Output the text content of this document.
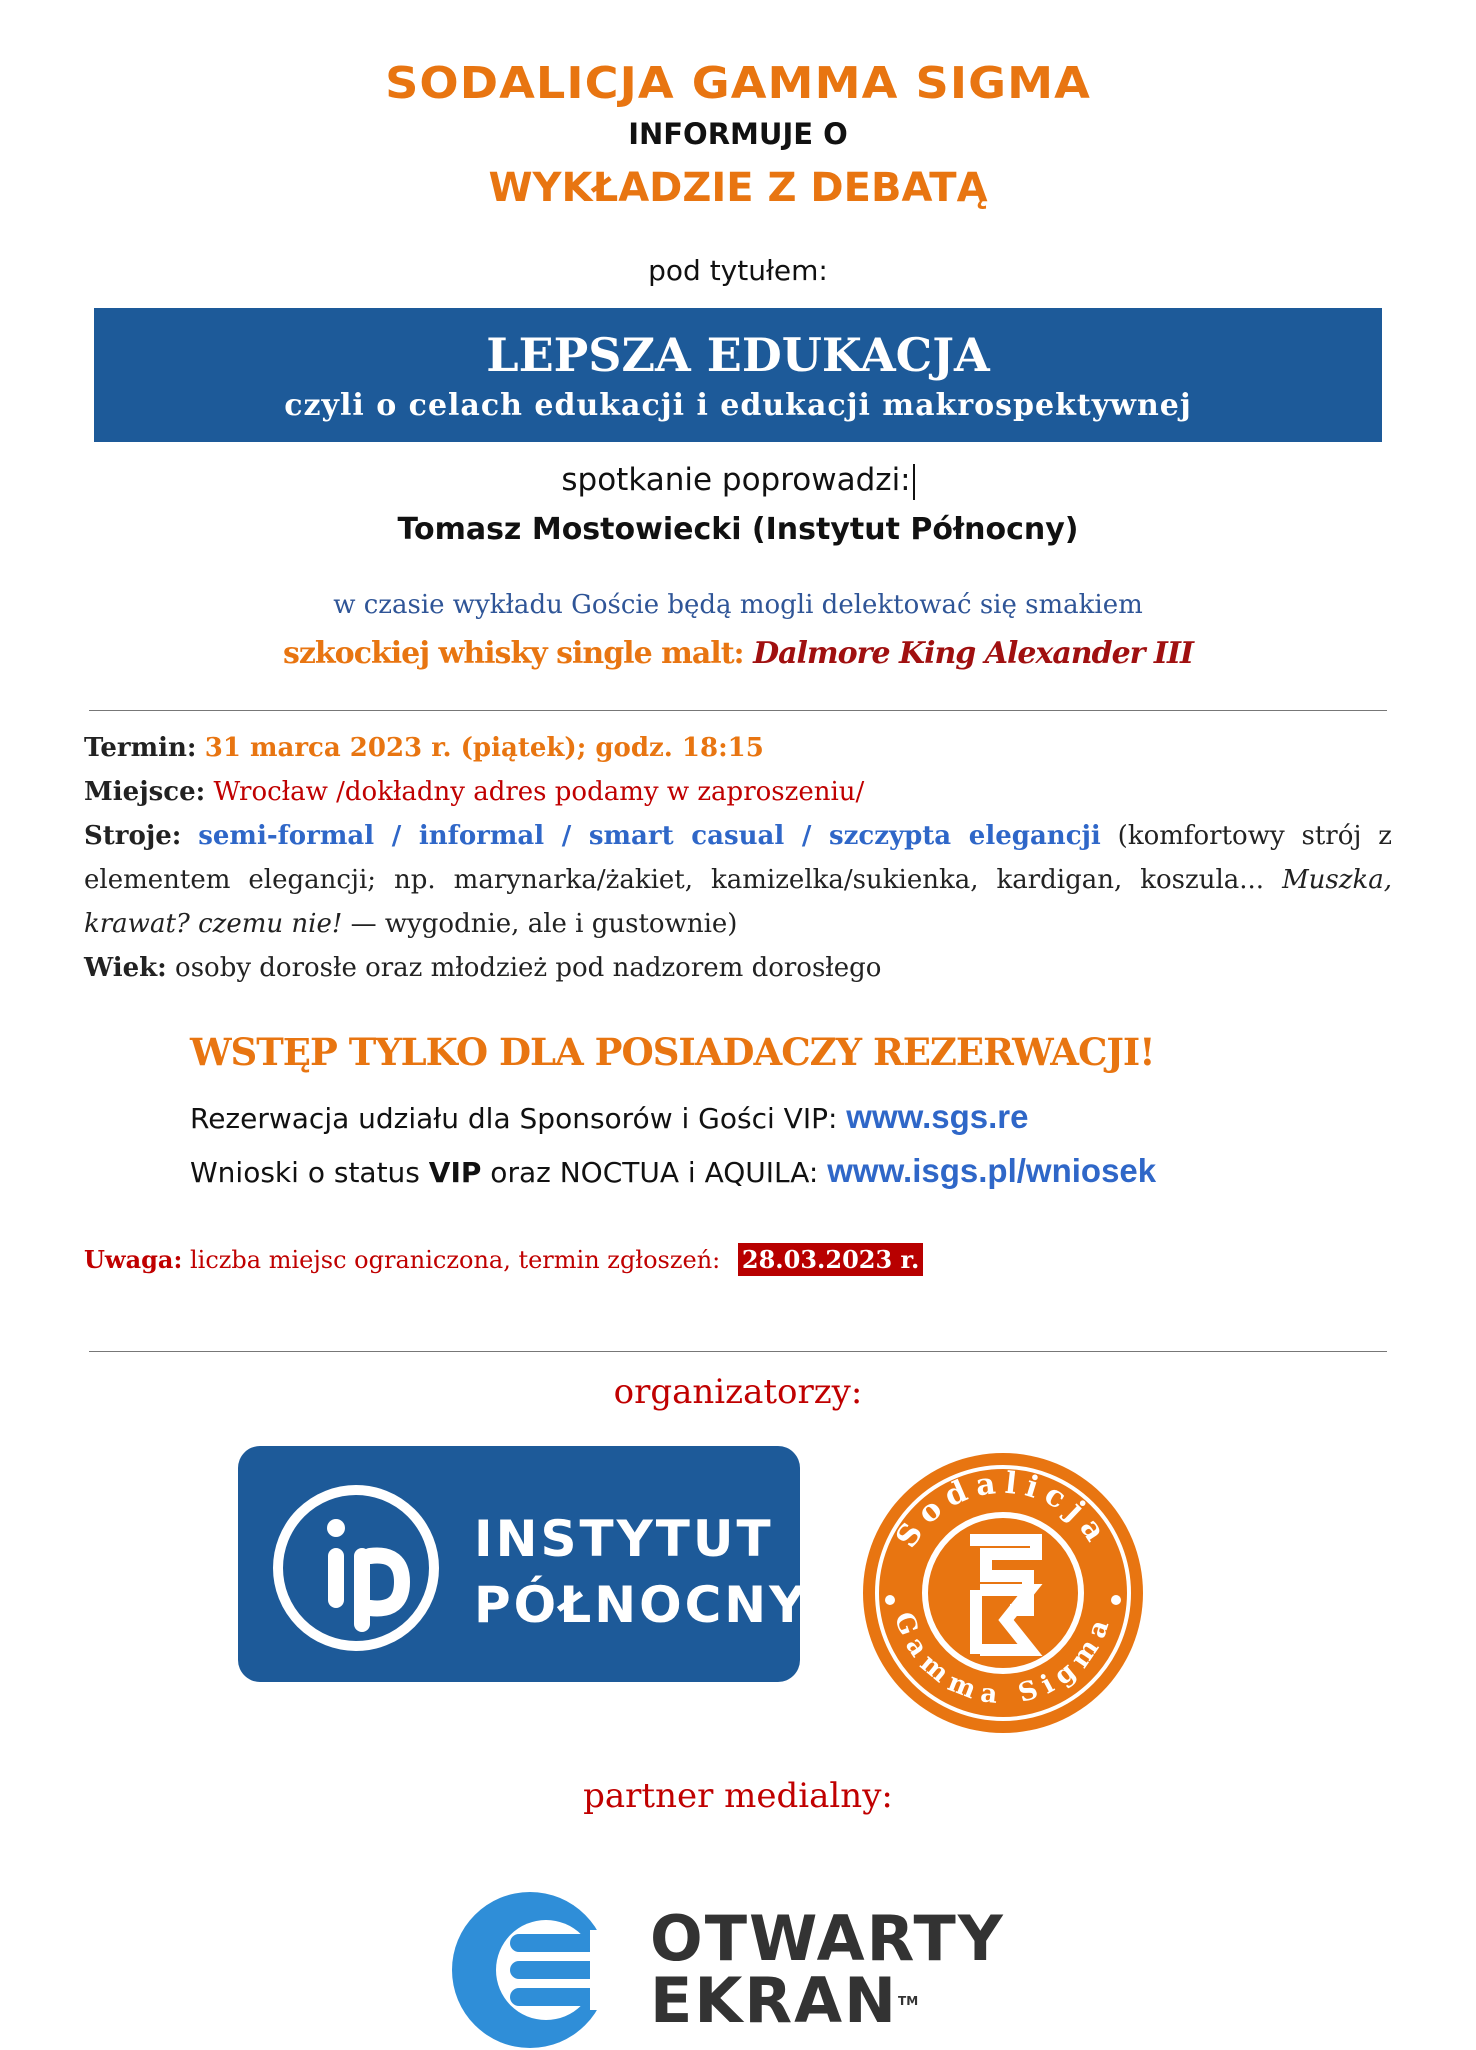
SODALICJA GAMMA SIGMA
INFORMUJE O
WYKŁADZIE Z DEBATĄ
pod tytułem:
LEPSZA EDUKACJA
czyli o celach edukacji i edukacji makrospektywnej
spotkanie poprowadzi:
Tomasz Mostowiecki (Instytut Północny)
w czasie wykładu Goście będą mogli delektować się smakiem
szkockiej whisky single malt: Dalmore King Alexander III

Termin: 31 marca 2023 r. (piątek); godz. 18:15

Miejsce: Wrocław /dokładny adres podamy w zaproszeniu/

Stroje: semi-formal / informal / smart casual / szczypta elegancji (komfortowy strój z elementem elegancji; np. marynarka/żakiet, kamizelka/sukienka, kardigan, koszula... Muszka, krawat? czemu nie! — wygodnie, ale i gustownie)

Wiek: osoby dorosłe oraz młodzież pod nadzorem dorosłego

WSTĘP TYLKO DLA POSIADACZY REZERWACJI!
Rezerwacja udziału dla Sponsorów i Gości VIP: www.sgs.re
Wnioski o status VIP oraz NOCTUA i AQUILA: www.isgs.pl/wniosek
Uwaga: liczba miejsc ograniczona, termin zgłoszeń: 28.03.2023 r.
organizatorzy:
INSTYTUT
PÓŁNOCNY
Sodalicja
Gamma Sigma
partner medialny:
OTWARTY
EKRAN™
